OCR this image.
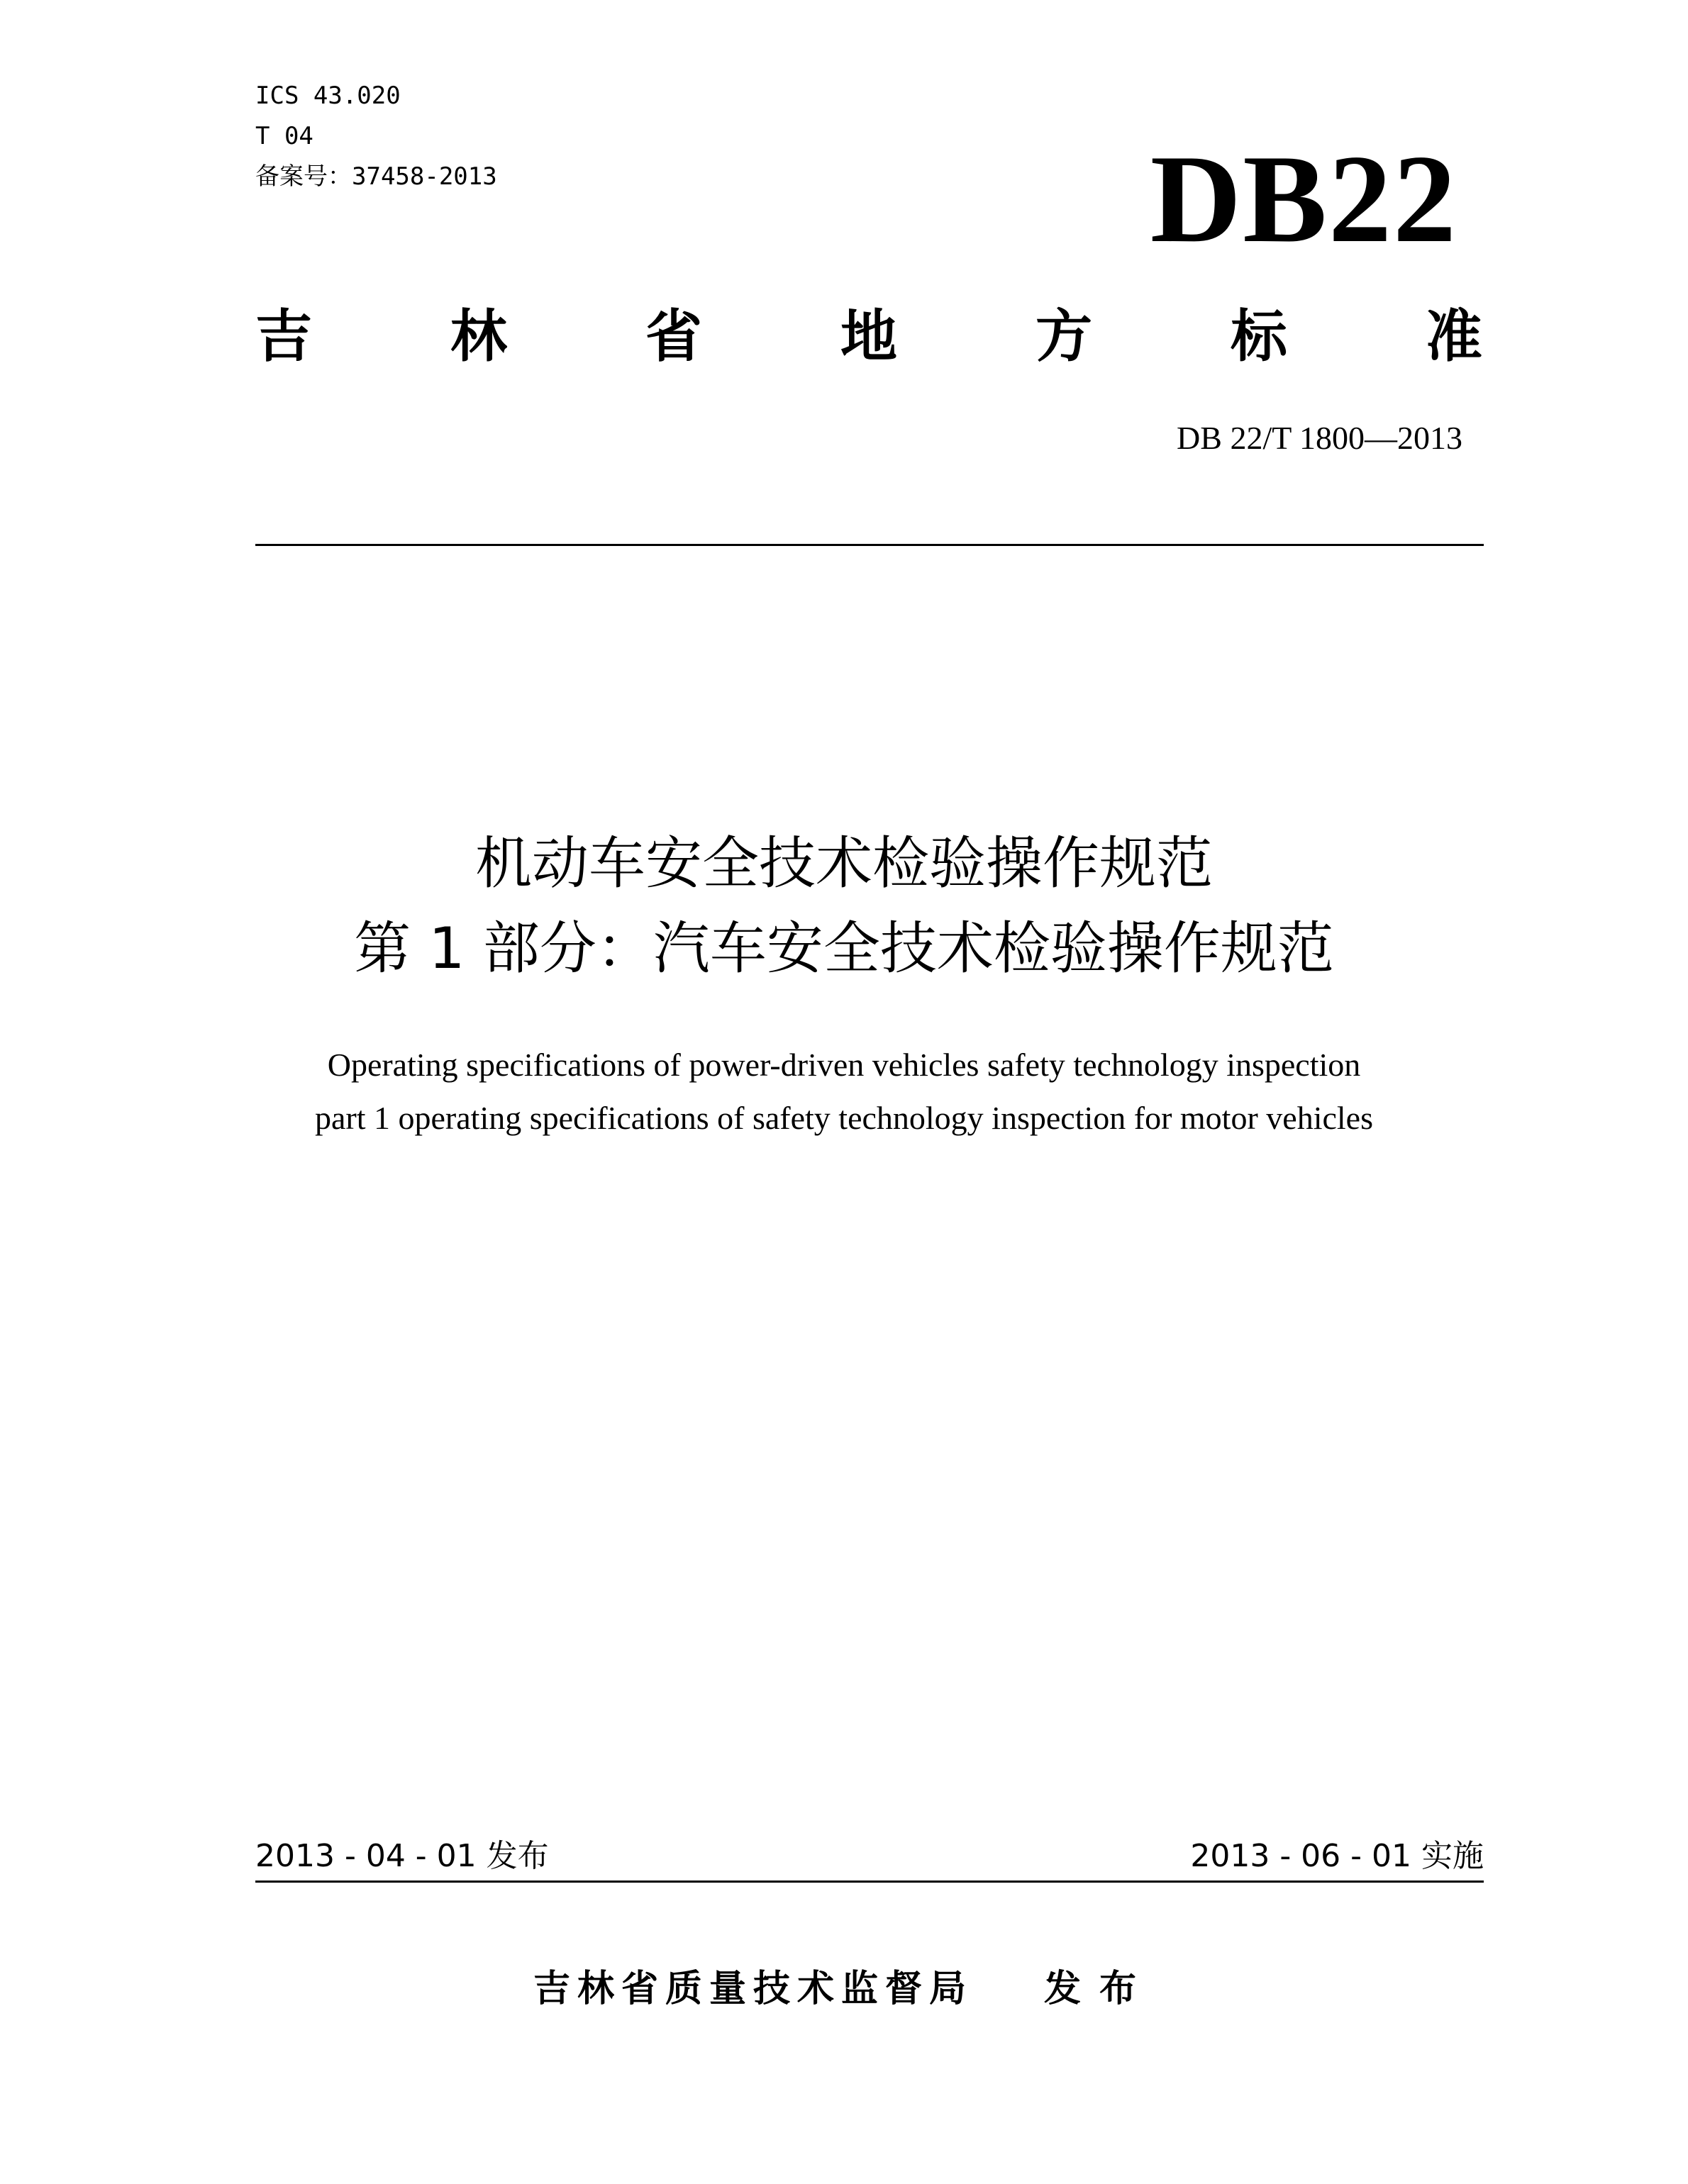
ICS 43.020
T 04
备案号：37458-2013	DB22
吉 林 省 地 方 标 准
DB 22/T 1800—2013
机动车安全技术检验操作规范
第 1 部分：汽车安全技术检验操作规范
Operating specifications of power-driven vehicles safety technology inspection
part 1 operating specifications of safety technology inspection for motor vehicles
2013 - 04 - 01 发布	2013 - 06 - 01 实施
吉林省质量技术监督局 发布
